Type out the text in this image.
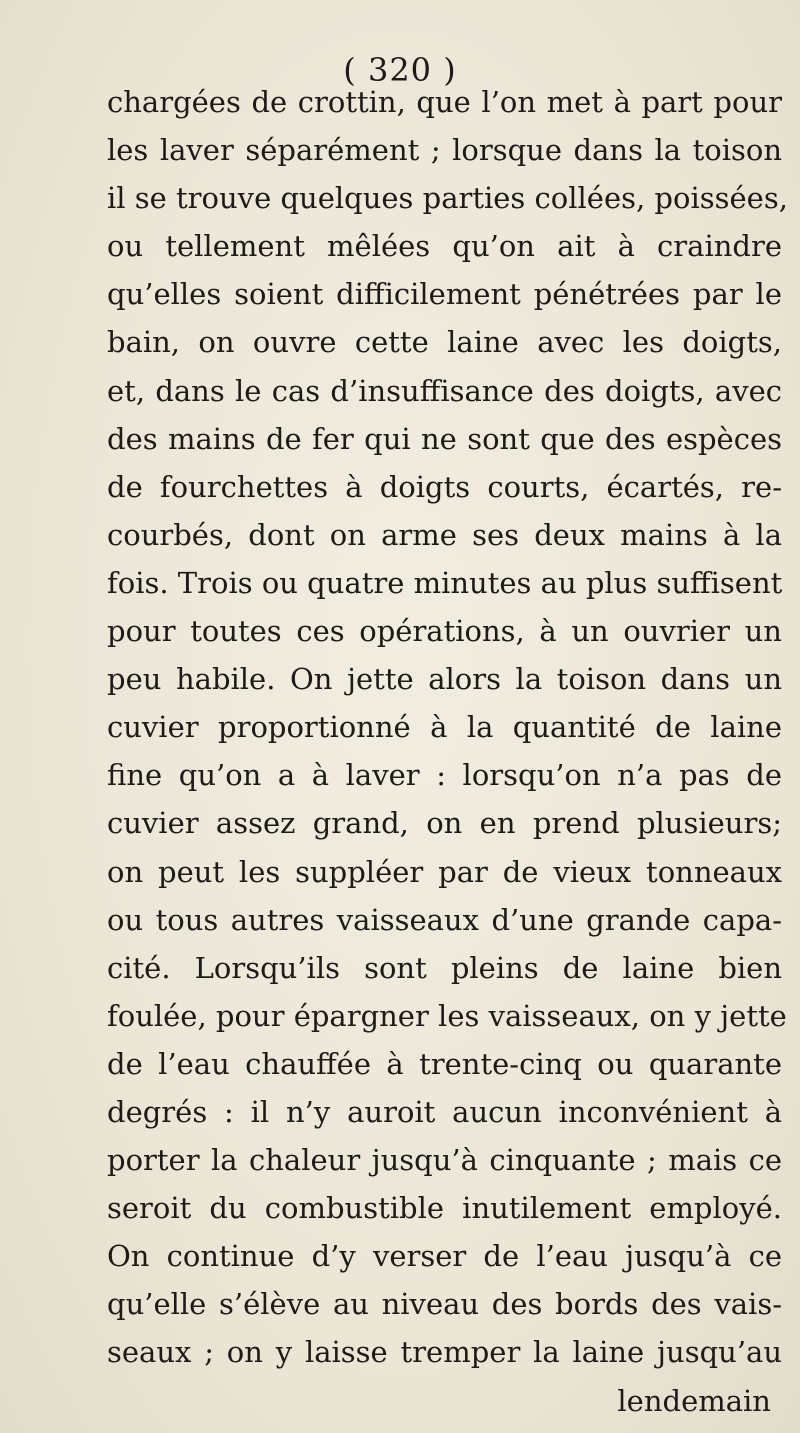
( 320 )
chargées de crottin, que l’on met à part pour
les laver séparément ; lorsque dans la toison
il se trouve quelques parties collées, poissées,
ou tellement mêlées qu’on ait à craindre
qu’elles soient difficilement pénétrées par le
bain, on ouvre cette laine avec les doigts,
et, dans le cas d’insuffisance des doigts, avec
des mains de fer qui ne sont que des espèces
de fourchettes à doigts courts, écartés, re-
courbés, dont on arme ses deux mains à la
fois. Trois ou quatre minutes au plus suffisent
pour toutes ces opérations, à un ouvrier un
peu habile. On jette alors la toison dans un
cuvier proportionné à la quantité de laine
fine qu’on a à laver : lorsqu’on n’a pas de
cuvier assez grand, on en prend plusieurs;
on peut les suppléer par de vieux tonneaux
ou tous autres vaisseaux d’une grande capa-
cité. Lorsqu’ils sont pleins de laine bien
foulée, pour épargner les vaisseaux, on y jette
de l’eau chauffée à trente-cinq ou quarante
degrés : il n’y auroit aucun inconvénient à
porter la chaleur jusqu’à cinquante ; mais ce
seroit du combustible inutilement employé.
On continue d’y verser de l’eau jusqu’à ce
qu’elle s’élève au niveau des bords des vais-
seaux ; on y laisse tremper la laine jusqu’au
lendemain
